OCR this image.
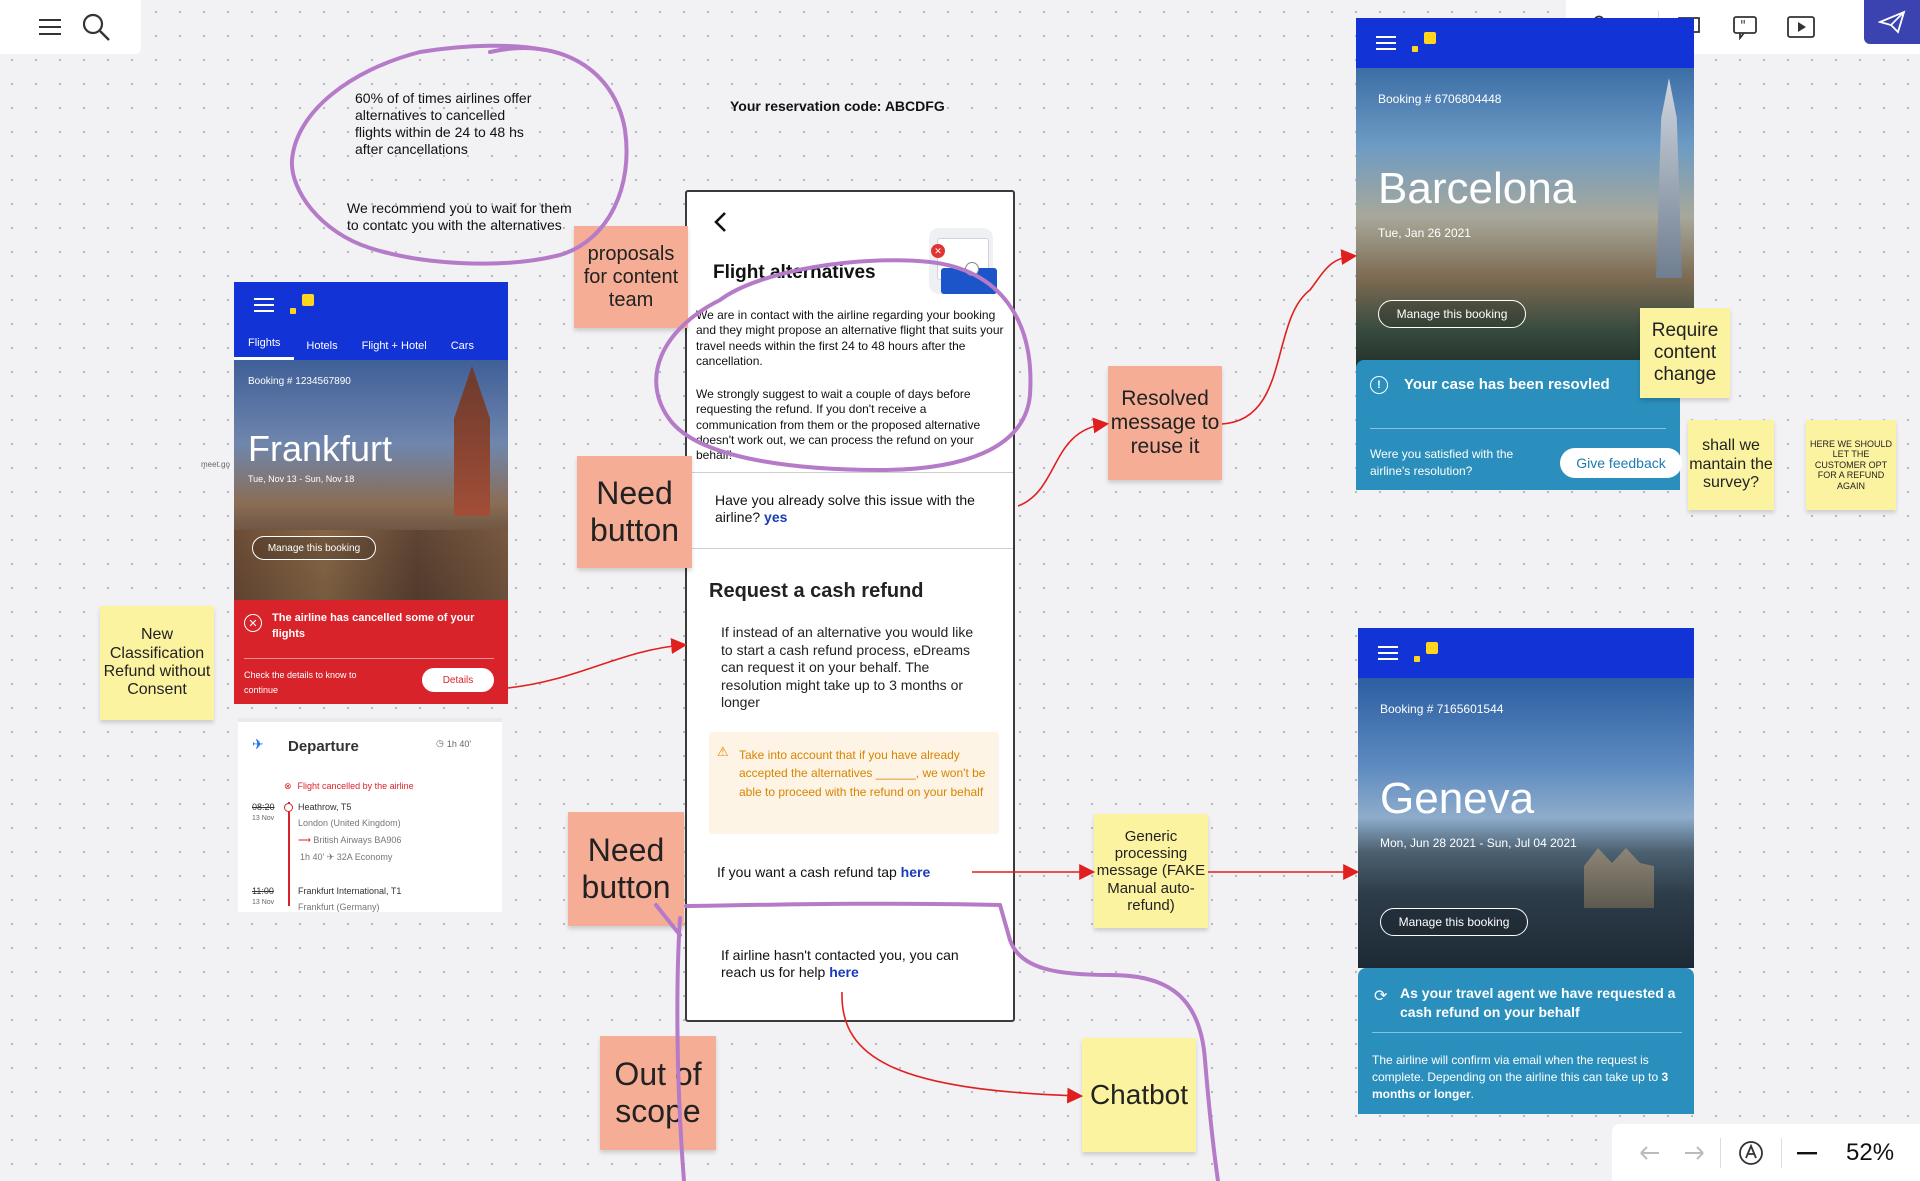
"
60% of of times airlines offer
alternatives to cancelled
flights within de 24 to 48 hs
after cancellations
We recommend you to wait for them
to contatc you with the alternatives
Your reservation code: ABCDFG
meet.go
Flights	Hotels	Flight + Hotel	Cars
Booking # 1234567890
Frankfurt
Tue, Nov 13 - Sun, Nov 18
Manage this booking
✕	The airline has cancelled some of your flights
Check the details to know to continue
Details
✈ Departure	◷ 1h 40'
⊗ Flight cancelled by the airline
08:20
13 Nov
Heathrow, T5
London (United Kingdom)
⟶ British Airways BA906
1h 40' ✈ 32A Economy
11:00
13 Nov
Frankfurt International, T1
Frankfurt (Germany)
✕
Flight alternatives
We are in contact with the airline regarding your booking and they might propose an alternative flight that suits your travel needs within the first 24 to 48 hours after the cancellation.
We strongly suggest to wait a couple of days before requesting the refund. If you don't receive a communication from them or the proposed alternative doesn't work out, we can process the refund on your behalf!
Have you already solve this issue with the airline? yes
Request a cash refund
If instead of an alternative you would like to start a cash refund process, eDreams can request it on your behalf. The resolution might take up to 3 months or longer
⚠ Take into account that if you have already accepted the alternatives ______, we won't be able to proceed with the refund on your behalf
If you want a cash refund tap here
If airline hasn't contacted you, you can reach us for help here
Booking # 6706804448
Barcelona
Tue, Jan 26 2021
Manage this booking
!	Your case has been resovled
Were you satisfied with the airline's resolution?	Give feedback
Booking # 7165601544
Geneva
Mon, Jun 28 2021 - Sun, Jul 04 2021
Manage this booking
⟳ As your travel agent we have requested a cash refund on your behalf
The airline will confirm via email when the request is complete. Depending on the airline this can take up to 3 months or longer.
proposals for content team
Need button
Need button
Out of scope
New Classification Refund without Consent
Resolved message to reuse it
Require content change
shall we mantain the survey?
HERE WE SHOULD LET THE CUSTOMER OPT FOR A REFUND AGAIN
Generic processing message (FAKE Manual auto-refund)
Chatbot
52%
